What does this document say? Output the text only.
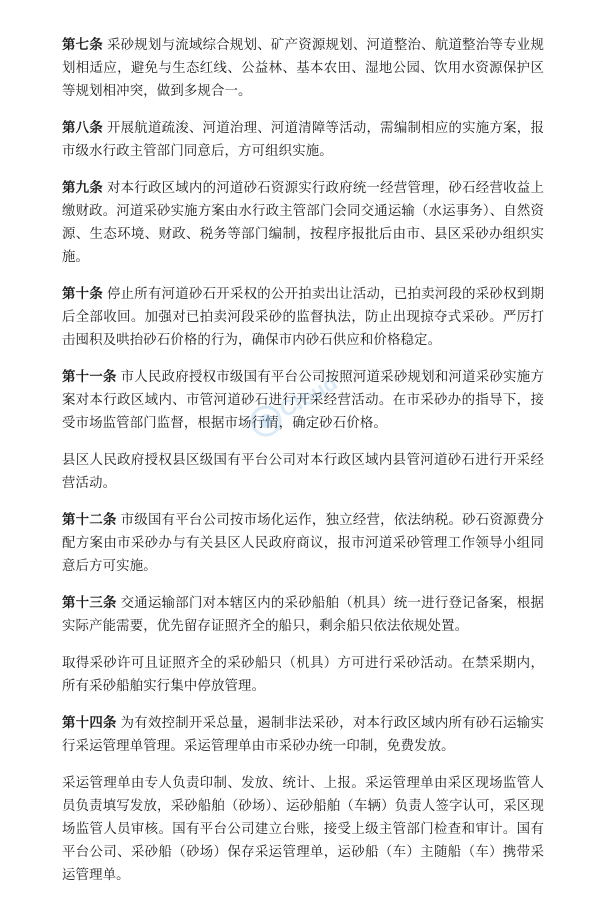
第七条 采砂规划与流域综合规划、矿产资源规划、河道整治、航道整治等专业规划相适应，避免与生态红线、公益林、基本农田、湿地公园、饮用水资源保护区等规划相冲突，做到多规合一。

第八条 开展航道疏浚、河道治理、河道清障等活动，需编制相应的实施方案，报市级水行政主管部门同意后，方可组织实施。

第九条 对本行政区域内的河道砂石资源实行政府统一经营管理，砂石经营收益上缴财政。河道采砂实施方案由水行政主管部门会同交通运输（水运事务）、自然资源、生态环境、财政、税务等部门编制，按程序报批后由市、县区采砂办组织实施。

第十条 停止所有河道砂石开采权的公开拍卖出让活动，已拍卖河段的采砂权到期后全部收回。加强对已拍卖河段采砂的监督执法，防止出现掠夺式采砂。严厉打击囤积及哄抬砂石价格的行为，确保市内砂石供应和价格稳定。

第十一条 市人民政府授权市级国有平台公司按照河道采砂规划和河道采砂实施方案对本行政区域内、市管河道砂石进行开采经营活动。在市采砂办的指导下，接受市场监管部门监督，根据市场行情，确定砂石价格。

县区人民政府授权县区级国有平台公司对本行政区域内县管河道砂石进行开采经营活动。

第十二条 市级国有平台公司按市场化运作，独立经营，依法纳税。砂石资源费分配方案由市采砂办与有关县区人民政府商议，报市河道采砂管理工作领导小组同意后方可实施。

第十三条 交通运输部门对本辖区内的采砂船舶（机具）统一进行登记备案，根据实际产能需要，优先留存证照齐全的船只，剩余船只依法依规处置。

取得采砂许可且证照齐全的采砂船只（机具）方可进行采砂活动。在禁采期内，所有采砂船舶实行集中停放管理。

第十四条 为有效控制开采总量，遏制非法采砂，对本行政区域内所有砂石运输实行采运管理单管理。采运管理单由市采砂办统一印制，免费发放。

采运管理单由专人负责印制、发放、统计、上报。采运管理单由采区现场监管人员负责填写发放，采砂船舶（砂场）、运砂船舶（车辆）负责人签字认可，采区现场监管人员审核。国有平台公司建立台账，接受上级主管部门检查和审计。国有平台公司、采砂船（砂场）保存采运管理单，运砂船（车）主随船（车）携带采运管理单。

Cloud
